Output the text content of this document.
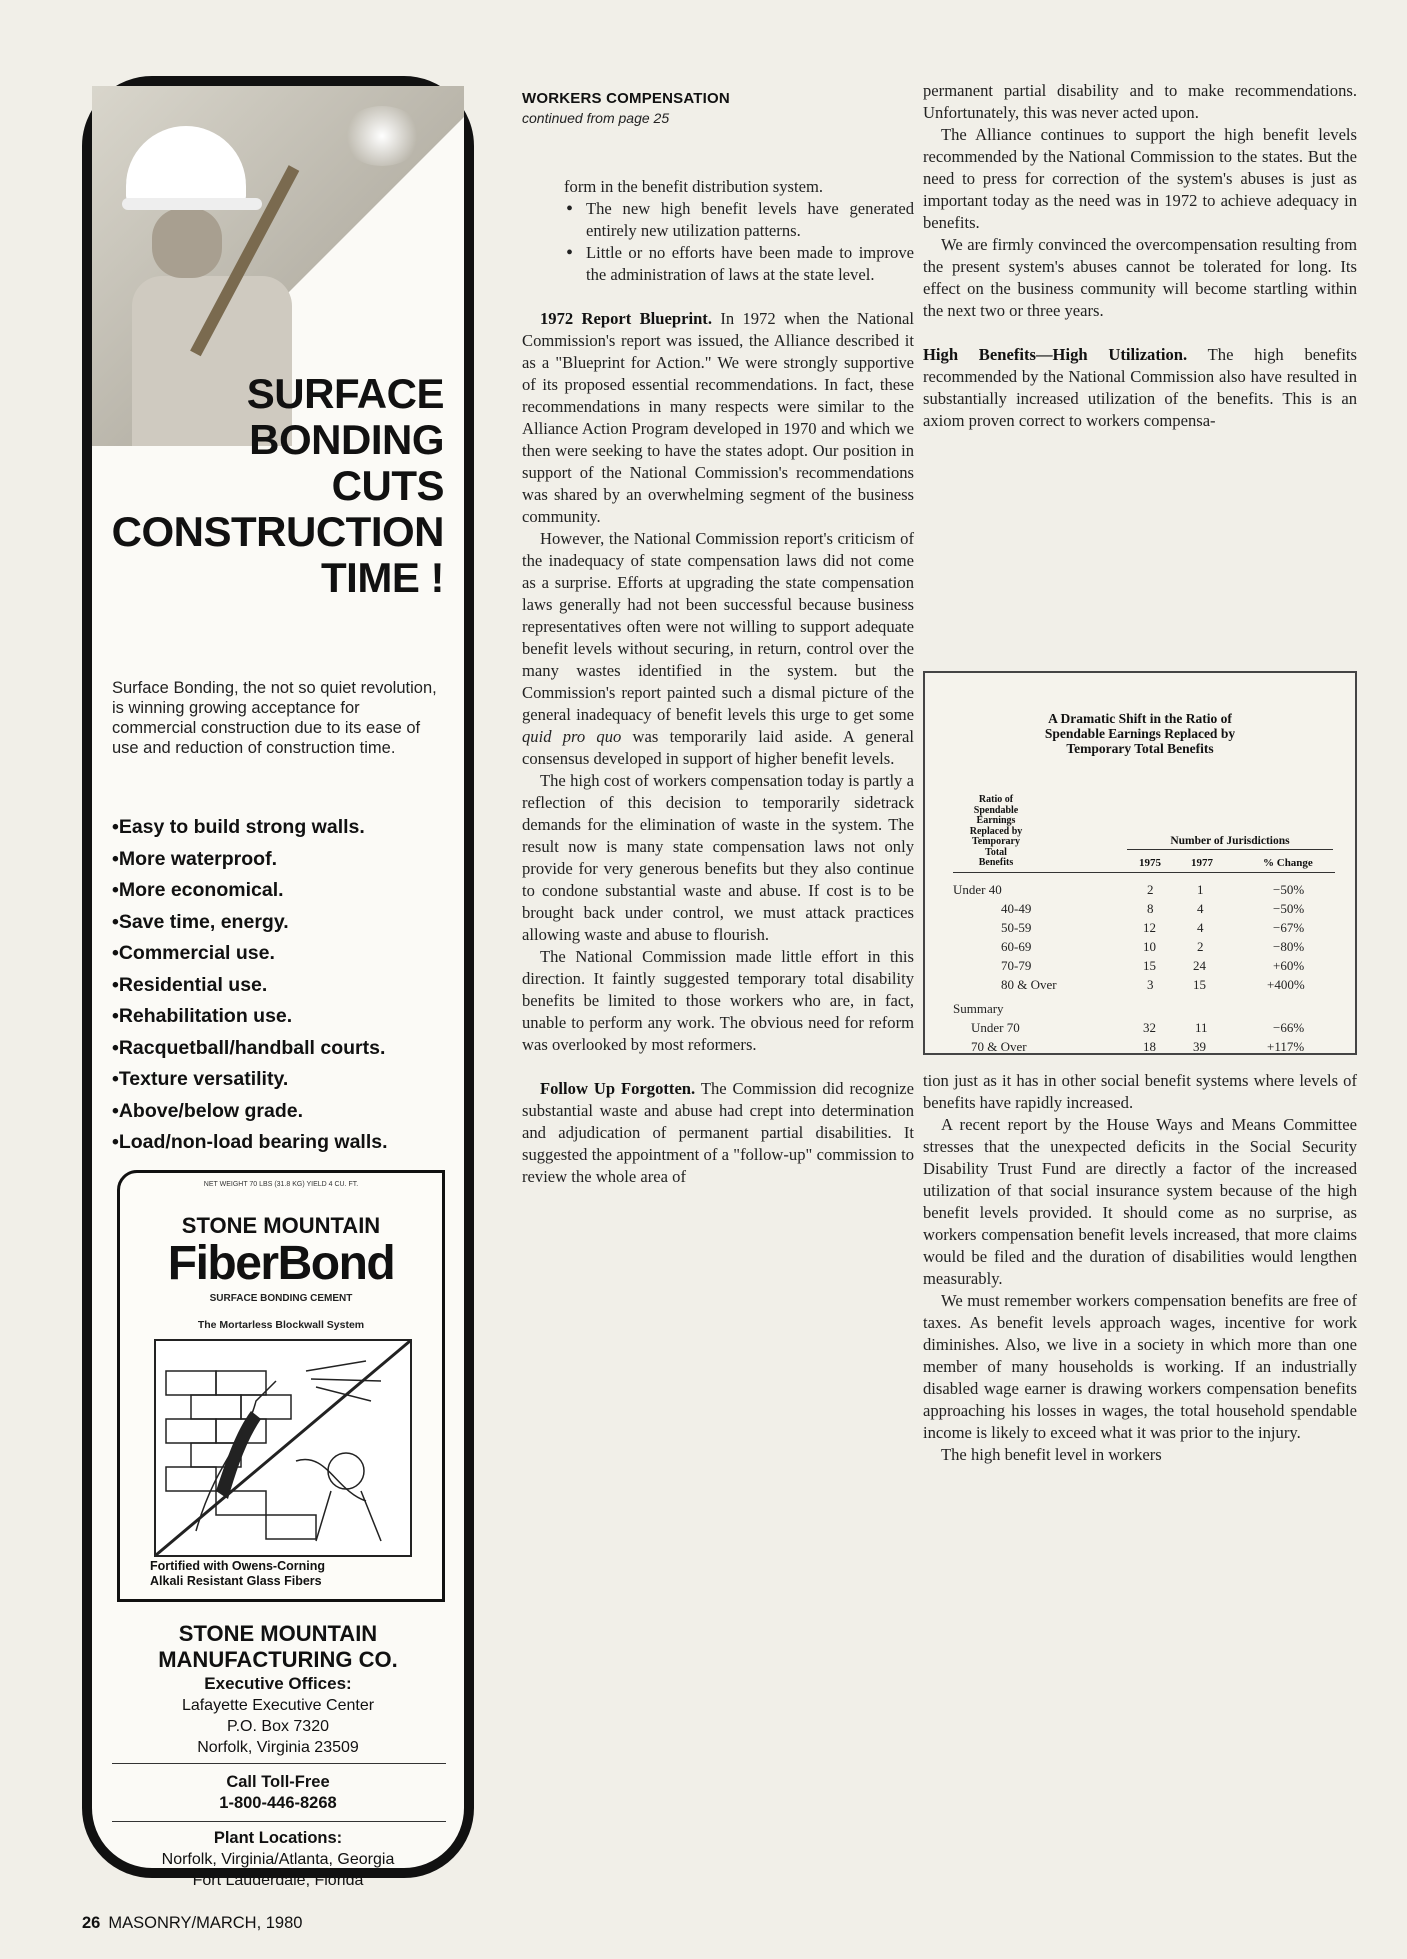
SURFACE
BONDING
CUTS
CONSTRUCTION
TIME !
Surface Bonding, the not so quiet revolution, is winning growing acceptance for commercial construction due to its ease of use and reduction of construction time.
•Easy to build strong walls.
•More waterproof.
•More economical.
•Save time, energy.
•Commercial use.
•Residential use.
•Rehabilitation use.
•Racquetball/handball courts.
•Texture versatility.
•Above/below grade.
•Load/non-load bearing walls.
NET WEIGHT 70 LBS (31.8 KG) YIELD 4 CU. FT.
STONE MOUNTAIN
FiberBond
SURFACE BONDING CEMENT
The Mortarless Blockwall System
Fortified with Owens-Corning
Alkali Resistant Glass Fibers
STONE MOUNTAIN
MANUFACTURING CO.
Executive Offices:
Lafayette Executive Center
P.O. Box 7320
Norfolk, Virginia 23509
Call Toll-Free
1-800-446-8268
Plant Locations:
Norfolk, Virginia/Atlanta, Georgia
Fort Lauderdale, Florida
WORKERS COMPENSATION
continued from page 25

form in the benefit distribution system.

• The new high benefit levels have generated entirely new utilization patterns.
• Little or no efforts have been made to improve the administration of laws at the state level.

1972 Report Blueprint. In 1972 when the National Commission's report was issued, the Alliance described it as a "Blueprint for Action." We were strongly supportive of its proposed essential recommendations. In fact, these recommendations in many respects were similar to the Alliance Action Program developed in 1970 and which we then were seeking to have the states adopt. Our position in support of the National Commission's recommendations was shared by an overwhelming segment of the business community.

However, the National Commission report's criticism of the inadequacy of state compensation laws did not come as a surprise. Efforts at upgrading the state compensation laws generally had not been successful because business representatives often were not willing to support adequate benefit levels without securing, in return, control over the many wastes identified in the system. but the Commission's report painted such a dismal picture of the general inadequacy of benefit levels this urge to get some quid pro quo was temporarily laid aside. A general consensus developed in support of higher benefit levels.

The high cost of workers compensation today is partly a reflection of this decision to temporarily sidetrack demands for the elimination of waste in the system. The result now is many state compensation laws not only provide for very generous benefits but they also continue to condone substantial waste and abuse. If cost is to be brought back under control, we must attack practices allowing waste and abuse to flourish.

The National Commission made little effort in this direction. It faintly suggested temporary total disability benefits be limited to those workers who are, in fact, unable to perform any work. The obvious need for reform was overlooked by most reformers.

Follow Up Forgotten. The Commission did recognize substantial waste and abuse had crept into determination and adjudication of permanent partial disabilities. It suggested the appointment of a "follow-up" commission to review the whole area of

permanent partial disability and to make recommendations. Unfortunately, this was never acted upon.

The Alliance continues to support the high benefit levels recommended by the National Commission to the states. But the need to press for correction of the system's abuses is just as important today as the need was in 1972 to achieve adequacy in benefits.

We are firmly convinced the overcompensation resulting from the present system's abuses cannot be tolerated for long. Its effect on the business community will become startling within the next two or three years.

High Benefits—High Utilization. The high benefits recommended by the National Commission also have resulted in substantially increased utilization of the benefits. This is an axiom proven correct to workers compensa-

A Dramatic Shift in the Ratio of
Spendable Earnings Replaced by
Temporary Total Benefits
Ratio of
Spendable
Earnings
Replaced by
Temporary
Total
Benefits
Number of Jurisdictions
1975	1977	% Change
Under 40	2	1	−50%
40-49	8	4	−50%
50-59	12	4	−67%
60-69	10	2	−80%
70-79	15	24	+60%
80 & Over	3	15	+400%
Summary
Under 70	32	11	−66%
70 & Over	18	39	+117%

tion just as it has in other social benefit systems where levels of benefits have rapidly increased.

A recent report by the House Ways and Means Committee stresses that the unexpected deficits in the Social Security Disability Trust Fund are directly a factor of the increased utilization of that social insurance system because of the high benefit levels provided. It should come as no surprise, as workers compensation benefit levels increased, that more claims would be filed and the duration of disabilities would lengthen measurably.

We must remember workers compensation benefits are free of taxes. As benefit levels approach wages, incentive for work diminishes. Also, we live in a society in which more than one member of many households is working. If an industrially disabled wage earner is drawing workers compensation benefits approaching his losses in wages, the total household spendable income is likely to exceed what it was prior to the injury.

The high benefit level in workers

26 MASONRY/MARCH, 1980
